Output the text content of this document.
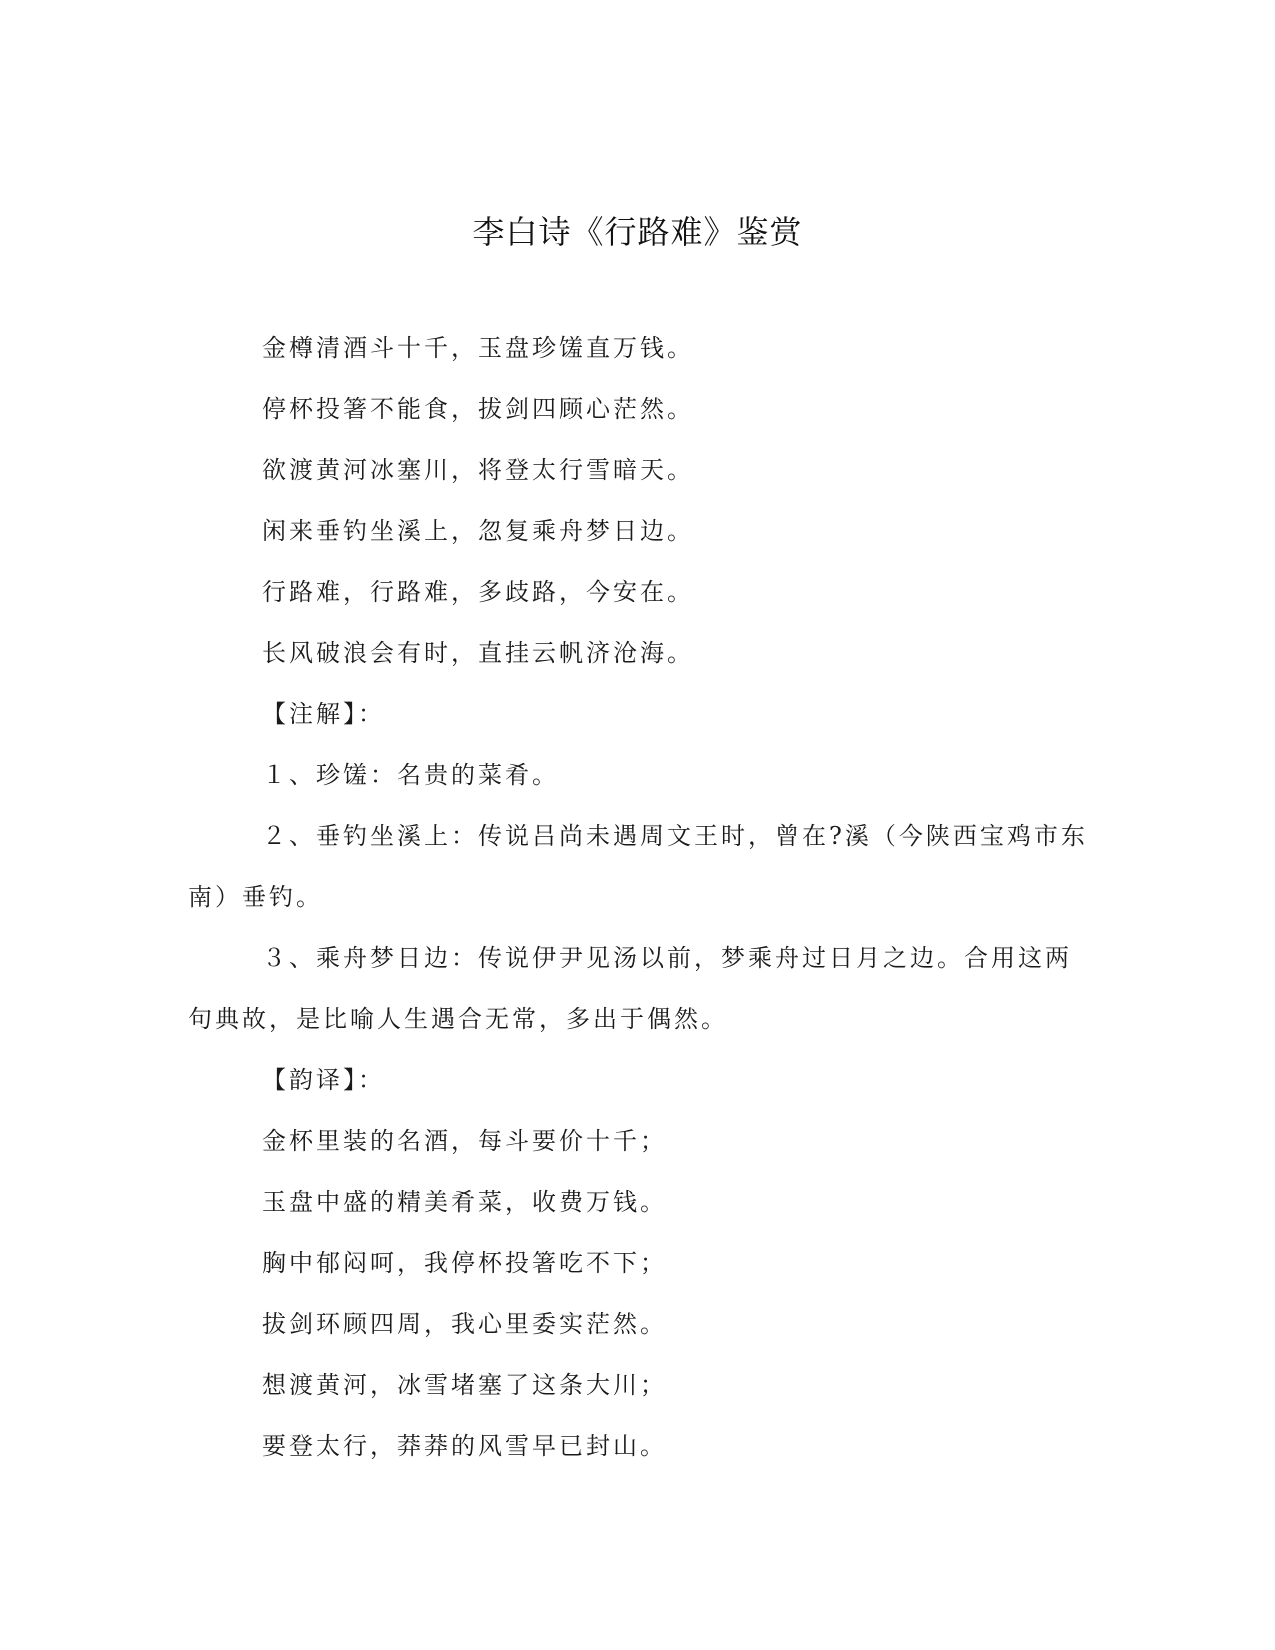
李白诗《行路难》鉴赏
金樽清酒斗十千，玉盘珍馐直万钱。
停杯投箸不能食，拔剑四顾心茫然。
欲渡黄河冰塞川，将登太行雪暗天。
闲来垂钓坐溪上，忽复乘舟梦日边。
行路难，行路难，多歧路，今安在。
长风破浪会有时，直挂云帆济沧海。
【注解】：
１、珍馐：名贵的菜肴。
２、垂钓坐溪上：传说吕尚未遇周文王时，曾在?溪（今陕西宝鸡市东南）垂钓。
３、乘舟梦日边：传说伊尹见汤以前，梦乘舟过日月之边。合用这两句典故，是比喻人生遇合无常，多出于偶然。
【韵译】：
金杯里装的名酒，每斗要价十千；
玉盘中盛的精美肴菜，收费万钱。
胸中郁闷呵，我停杯投箸吃不下；
拔剑环顾四周，我心里委实茫然。
想渡黄河，冰雪堵塞了这条大川；
要登太行，莽莽的风雪早已封山。
